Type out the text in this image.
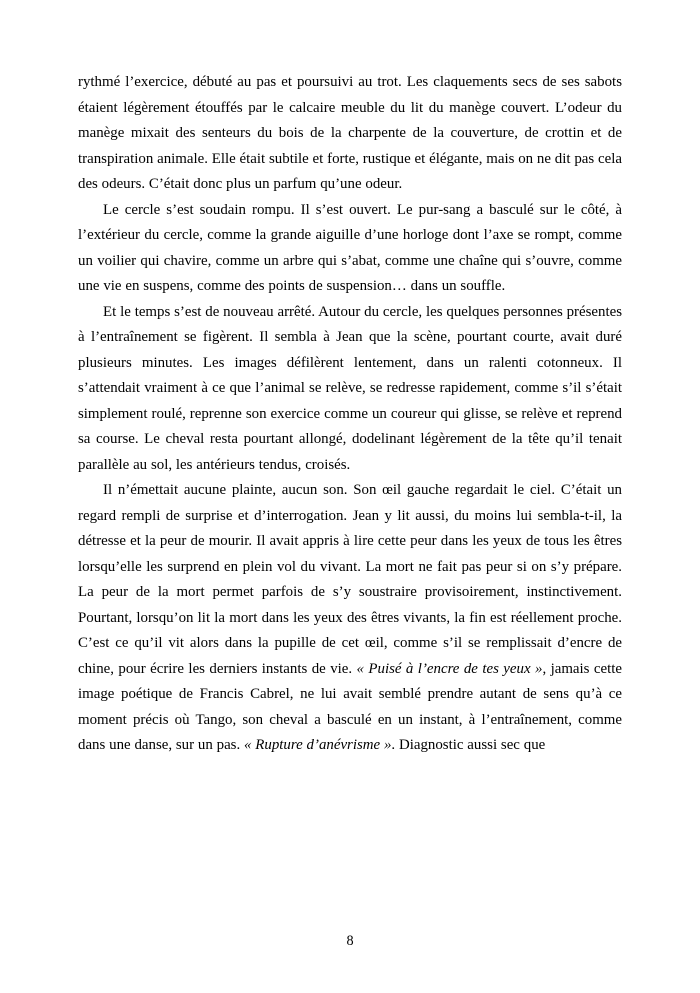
rythmé l’exercice, débuté au pas et poursuivi au trot. Les claquements secs de ses sabots étaient légèrement étouffés par le calcaire meuble du lit du manège couvert. L’odeur du manège mixait des senteurs du bois de la charpente de la couverture, de crottin et de transpiration animale. Elle était subtile et forte, rustique et élégante, mais on ne dit pas cela des odeurs. C’était donc plus un parfum qu’une odeur.

Le cercle s’est soudain rompu. Il s’est ouvert. Le pur-sang a basculé sur le côté, à l’extérieur du cercle, comme la grande aiguille d’une horloge dont l’axe se rompt, comme un voilier qui chavire, comme un arbre qui s’abat, comme une chaîne qui s’ouvre, comme une vie en suspens, comme des points de suspension… dans un souffle.

Et le temps s’est de nouveau arrêté. Autour du cercle, les quelques personnes présentes à l’entraînement se figèrent. Il sembla à Jean que la scène, pourtant courte, avait duré plusieurs minutes. Les images défilèrent lentement, dans un ralenti cotonneux. Il s’attendait vraiment à ce que l’animal se relève, se redresse rapidement, comme s’il s’était simplement roulé, reprenne son exercice comme un coureur qui glisse, se relève et reprend sa course. Le cheval resta pourtant allongé, dodelinant légèrement de la tête qu’il tenait parallèle au sol, les antérieurs tendus, croisés.

Il n’émettait aucune plainte, aucun son. Son œil gauche regardait le ciel. C’était un regard rempli de surprise et d’interrogation. Jean y lit aussi, du moins lui sembla-t-il, la détresse et la peur de mourir. Il avait appris à lire cette peur dans les yeux de tous les êtres lorsqu’elle les surprend en plein vol du vivant. La mort ne fait pas peur si on s’y prépare. La peur de la mort permet parfois de s’y soustraire provisoirement, instinctivement. Pourtant, lorsqu’on lit la mort dans les yeux des êtres vivants, la fin est réellement proche. C’est ce qu’il vit alors dans la pupille de cet œil, comme s’il se remplissait d’encre de chine, pour écrire les derniers instants de vie. « Puisé à l’encre de tes yeux », jamais cette image poétique de Francis Cabrel, ne lui avait semblé prendre autant de sens qu’à ce moment précis où Tango, son cheval a basculé en un instant, à l’entraînement, comme dans une danse, sur un pas. « Rupture d’anévrisme ». Diagnostic aussi sec que

8
